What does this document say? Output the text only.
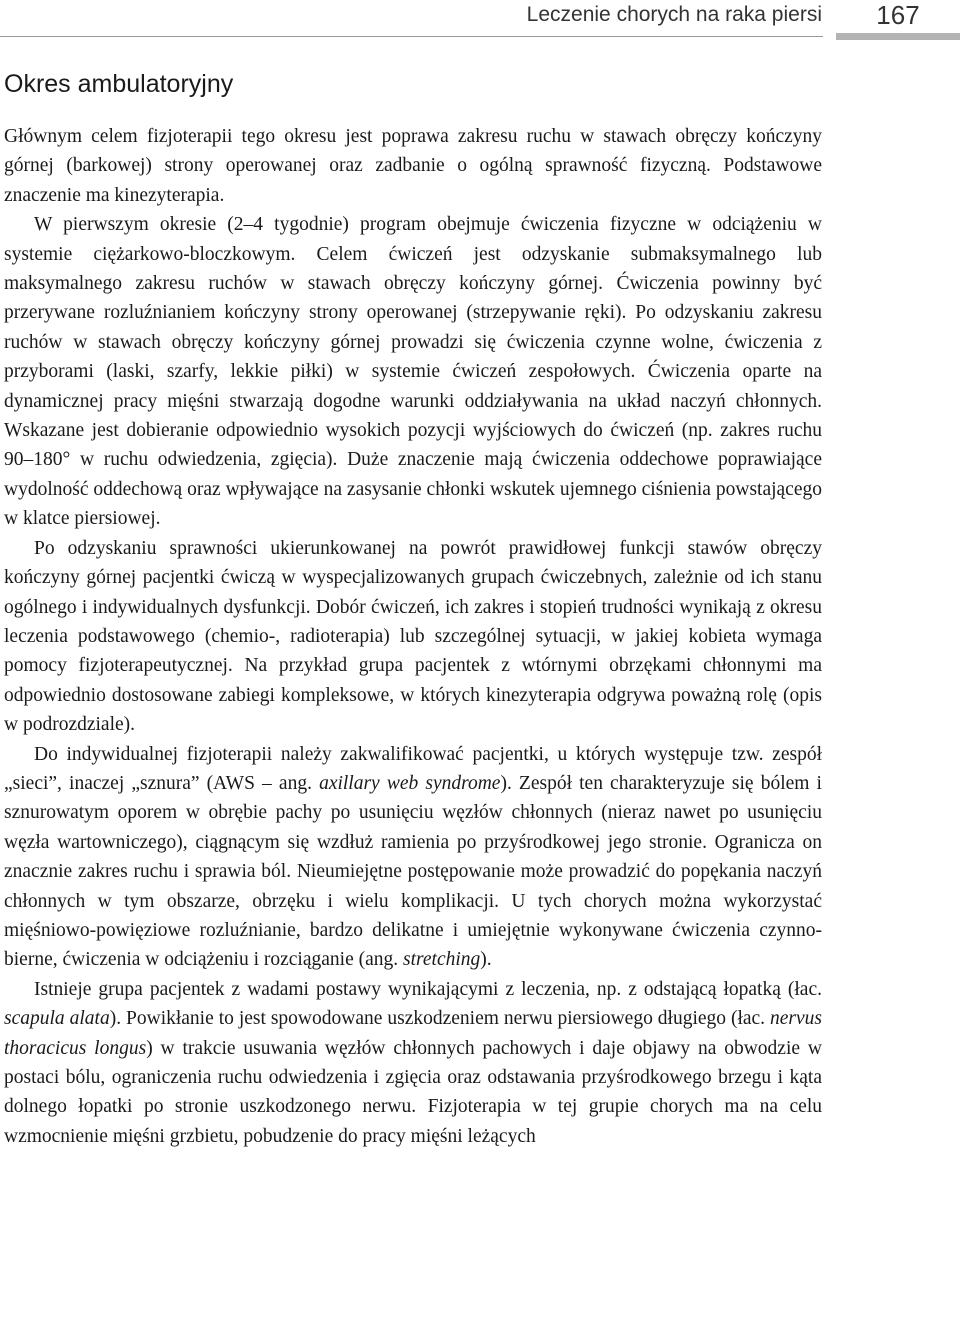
Leczenie chorych na raka piersi	167
Okres ambulatoryjny

Głównym celem fizjoterapii tego okresu jest poprawa zakresu ruchu w stawach obręczy kończyny górnej (barkowej) strony operowanej oraz zadbanie o ogólną sprawność fizyczną. Podstawowe znaczenie ma kinezyterapia.

W pierwszym okresie (2–4 tygodnie) program obejmuje ćwiczenia fizyczne w odciążeniu w systemie ciężarkowo-bloczkowym. Celem ćwiczeń jest odzyskanie submaksymalnego lub maksymalnego zakresu ruchów w stawach obręczy kończyny górnej. Ćwiczenia powinny być przerywane rozluźnianiem kończyny strony operowanej (strzepywanie ręki). Po odzyskaniu zakresu ruchów w stawach obręczy kończyny górnej prowadzi się ćwiczenia czynne wolne, ćwiczenia z przyborami (laski, szarfy, lekkie piłki) w systemie ćwiczeń zespołowych. Ćwiczenia oparte na dynamicznej pracy mięśni stwarzają dogodne warunki oddziaływania na układ naczyń chłonnych. Wskazane jest dobieranie odpowiednio wysokich pozycji wyjściowych do ćwiczeń (np. zakres ruchu 90–180° w ruchu odwiedzenia, zgięcia). Duże znaczenie mają ćwiczenia oddechowe poprawiające wydolność oddechową oraz wpływające na zasysanie chłonki wskutek ujemnego ciśnienia powstającego w klatce piersiowej.

Po odzyskaniu sprawności ukierunkowanej na powrót prawidłowej funkcji stawów obręczy kończyny górnej pacjentki ćwiczą w wyspecjalizowanych grupach ćwiczebnych, zależnie od ich stanu ogólnego i indywidualnych dysfunkcji. Dobór ćwiczeń, ich zakres i stopień trudności wynikają z okresu leczenia podstawowego (chemio-, radioterapia) lub szczególnej sytuacji, w jakiej kobieta wymaga pomocy fizjoterapeutycznej. Na przykład grupa pacjentek z wtórnymi obrzękami chłonnymi ma odpowiednio dostosowane zabiegi kompleksowe, w których kinezyterapia odgrywa poważną rolę (opis w podrozdziale).

Do indywidualnej fizjoterapii należy zakwalifikować pacjentki, u których występuje tzw. zespół „sieci”, inaczej „sznura” (AWS – ang. axillary web syndrome). Zespół ten charakteryzuje się bólem i sznurowatym oporem w obrębie pachy po usunięciu węzłów chłonnych (nieraz nawet po usunięciu węzła wartowniczego), ciągnącym się wzdłuż ramienia po przyśrodkowej jego stronie. Ogranicza on znacznie zakres ruchu i sprawia ból. Nieumiejętne postępowanie może prowadzić do popękania naczyń chłonnych w tym obszarze, obrzęku i wielu komplikacji. U tych chorych można wykorzystać mięśniowo-powięziowe rozluźnianie, bardzo delikatne i umiejętnie wykonywane ćwiczenia czynno-bierne, ćwiczenia w odciążeniu i rozciąganie (ang. stretching).

Istnieje grupa pacjentek z wadami postawy wynikającymi z leczenia, np. z odstającą łopatką (łac. scapula alata). Powikłanie to jest spowodowane uszkodzeniem nerwu piersiowego długiego (łac. nervus thoracicus longus) w trakcie usuwania węzłów chłonnych pachowych i daje objawy na obwodzie w postaci bólu, ograniczenia ruchu odwiedzenia i zgięcia oraz odstawania przyśrodkowego brzegu i kąta dolnego łopatki po stronie uszkodzonego nerwu. Fizjoterapia w tej grupie chorych ma na celu wzmocnienie mięśni grzbietu, pobudzenie do pracy mięśni leżących
